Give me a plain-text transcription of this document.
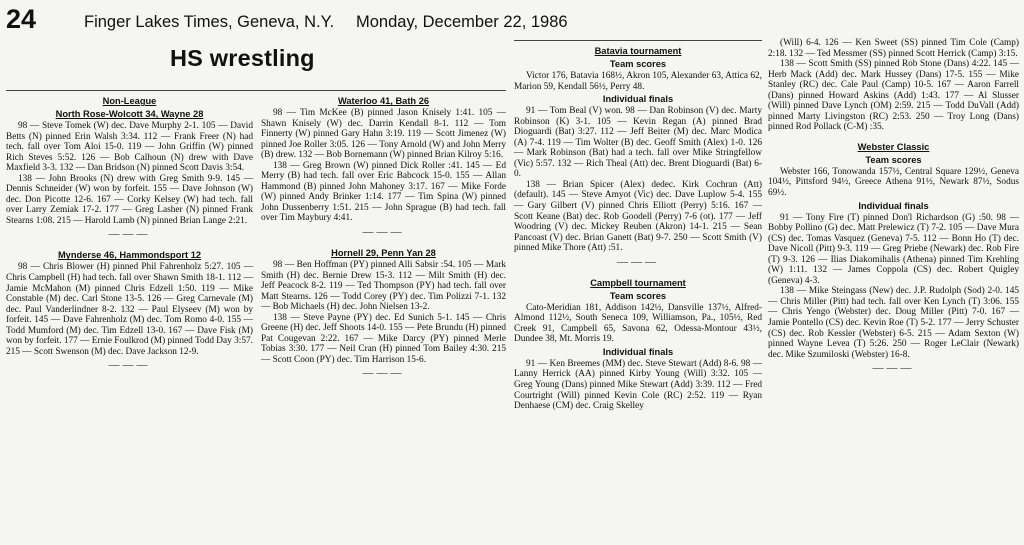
24	Finger Lakes Times, Geneva, N.Y. Monday, December 22, 1986
HS wrestling
Non-League
North Rose-Wolcott 34, Wayne 28

98 — Steve Tomek (W) dec. Dave Murphy 2-1. 105 — David Betts (N) pinned Erin Walsh 3:34. 112 — Frank Freer (N) had tech. fall over Tom Aloi 15-0. 119 — John Griffin (W) pinned Rich Steves 5:52. 126 — Bob Calhoun (N) drew with Dave Maxfield 3-3. 132 — Dan Bridson (N) pinned Scott Davis 3:54.

138 — John Brooks (N) drew with Greg Smith 9-9. 145 — Dennis Schneider (W) won by forfeit. 155 — Dave Johnson (W) dec. Don Picotte 12-6. 167 — Corky Kelsey (W) had tech. fall over Larry Zemiak 17-2. 177 — Greg Lasher (N) pinned Frank Stearns 1:08. 215 — Harold Lamb (N) pinned Brian Lange 2:21.

———
Mynderse 46, Hammondsport 12

98 — Chris Blower (H) pinned Phil Fahrenholz 5:27. 105 — Chris Campbell (H) had tech. fall over Shawn Smith 18-1. 112 — Jamie McMahon (M) pinned Chris Edzell 1:50. 119 — Mike Constable (M) dec. Carl Stone 13-5. 126 — Greg Carnevale (M) dec. Paul Vanderlindner 8-2. 132 — Paul Elyseev (M) won by forfeit. 145 — Dave Fahrenholz (M) dec. Tom Romo 4-0. 155 — Todd Mumford (M) dec. Tim Edzell 13-0. 167 — Dave Fisk (M) won by forfeit. 177 — Ernie Foulkrod (M) pinned Todd Day 3:57. 215 — Scott Swenson (M) dec. Dave Jackson 12-9.

———
Waterloo 41, Bath 26

98 — Tim McKee (B) pinned Jason Knisely 1:41. 105 — Shawn Knisely (W) dec. Darrin Kendall 8-1. 112 — Tom Finnerty (W) pinned Gary Hahn 3:19. 119 — Scott Jimenez (W) pinned Joe Roller 3:05. 126 — Tony Arnold (W) and John Merry (B) drew. 132 — Bob Bornemann (W) pinned Brian Kilroy 5:16.

138 — Greg Brown (W) pinned Dick Roller :41. 145 — Ed Merry (B) had tech. fall over Eric Babcock 15-0. 155 — Allan Hammond (B) pinned John Mahoney 3:17. 167 — Mike Forde (W) pinned Andy Brinker 1:14. 177 — Tim Spina (W) pinned John Dussenberry 1:51. 215 — John Sprague (B) had tech. fall over Tim Maybury 4:41.

———
Hornell 29, Penn Yan 28

98 — Ben Hoffman (PY) pinned Alli Sabsir :54. 105 — Mark Smith (H) dec. Bernie Drew 15-3. 112 — Milt Smith (H) dec. Jeff Peacock 8-2. 119 — Ted Thompson (PY) had tech. fall over Matt Stearns. 126 — Todd Corey (PY) dec. Tim Polizzi 7-1. 132 — Bob Michaels (H) dec. John Nielsen 13-2.

138 — Steve Payne (PY) dec. Ed Sunich 5-1. 145 — Chris Greene (H) dec. Jeff Shoots 14-0. 155 — Pete Brundu (H) pinned Pat Cougevan 2:22. 167 — Mike Darcy (PY) pinned Merle Tobias 3:30. 177 — Neil Cran (H) pinned Tom Bailey 4:30. 215 — Scott Coon (PY) dec. Tim Harrison 15-6.

———
Batavia tournament
Team scores

Victor 176, Batavia 168½, Akron 105, Alexander 63, Attica 62, Marion 59, Kendall 56½, Perry 48.

Individual finals

91 — Tom Beal (V) won. 98 — Dan Robinson (V) dec. Marty Robinson (K) 3-1. 105 — Kevin Regan (A) pinned Brad Dioguardi (Bat) 3:27. 112 — Jeff Beiter (M) dec. Marc Modica (A) 7-4. 119 — Tim Wolter (B) dec. Geoff Smith (Alex) 1-0. 126 — Mark Robinson (Bat) had a tech. fall over Mike Stringfellow (Vic) 5:57. 132 — Rich Theal (Att) dec. Brent Dioguardi (Bat) 6-0.

138 — Brian Spicer (Alex) dedec. Kirk Cochran (Att) (default). 145 — Steve Amyot (Vic) dec. Dave Luplow 5-4. 155 — Gary Gilbert (V) pinned Chris Elliott (Perry) 5:16. 167 — Scott Keane (Bat) dec. Rob Goodell (Perry) 7-6 (ot). 177 — Jeff Woodring (V) dec. Mickey Reuben (Akron) 14-1. 215 — Sean Pancoast (V) dec. Brian Ganett (Bat) 9-7. 250 — Scott Smith (V) pinned Mike Thore (Att) :51.

———
Campbell tournament
Team scores

Cato-Meridian 181, Addison 142½, Dansville 137½, Alfred-Almond 112½, South Seneca 109, Williamson, Pa., 105½, Red Creek 91, Campbell 65, Savona 62, Odessa-Montour 43½, Dundee 38, Mt. Morris 19.

Individual finals

91 — Ken Breemes (MM) dec. Steve Stewart (Add) 8-6. 98 — Lanny Herrick (AA) pinned Kirby Young (Will) 3:32. 105 — Greg Young (Dans) pinned Mike Stewart (Add) 3:39. 112 — Fred Courtright (Will) pinned Kevin Cole (RC) 2:52. 119 — Ryan Denhaese (CM) dec. Craig Skelley

(Will) 6-4. 126 — Ken Sweet (SS) pinned Tim Cole (Camp) 2:18. 132 — Ted Messmer (SS) pinned Scott Herrick (Camp) 3:15.

138 — Scott Smith (SS) pinned Rob Stone (Dans) 4:22. 145 — Herb Mack (Add) dec. Mark Hussey (Dans) 17-5. 155 — Mike Stanley (RC) dec. Cale Paul (Camp) 10-5. 167 — Aaron Farrell (Dans) pinned Howard Askins (Add) 1:43. 177 — Al Slusser (Will) pinned Dave Lynch (OM) 2:59. 215 — Todd DuVall (Add) pinned Marty Livingston (RC) 2:53. 250 — Troy Long (Dans) pinned Rod Pollack (C-M) :35.

Webster Classic
Team scores

Webster 166, Tonowanda 157½, Central Square 129½, Geneva 104½, Pittsford 94½, Greece Athena 91½, Newark 87½, Sodus 69½.

Individual finals

91 — Tony Fire (T) pinned Don'l Richardson (G) :50. 98 — Bobby Pollino (G) dec. Matt Prelewicz (T) 7-2. 105 — Dave Mura (CS) dec. Tomas Vasquez (Geneva) 7-5. 112 — Bonn Ho (T) dec. Dave Nicoll (Pitt) 9-3. 119 — Greg Priebe (Newark) dec. Rob Fire (T) 9-3. 126 — Ilias Diakomihalis (Athena) pinned Tim Krehling (W) 1:11. 132 — James Coppola (CS) dec. Robert Quigley (Geneva) 4-3.

138 — Mike Steingass (New) dec. J.P. Rudolph (Sod) 2-0. 145 — Chris Miller (Pitt) had tech. fall over Ken Lynch (T) 3:06. 155 — Chris Yengo (Webster) dec. Doug Miller (Pitt) 7-0. 167 — Jamie Pontello (CS) dec. Kevin Roe (T) 5-2. 177 — Jerry Schuster (CS) dec. Rob Kessler (Webster) 6-5. 215 — Adam Sexton (W) pinned Wayne Levea (T) 5:26. 250 — Roger LeClair (Newark) dec. Mike Szumiloski (Webster) 16-8.

———
